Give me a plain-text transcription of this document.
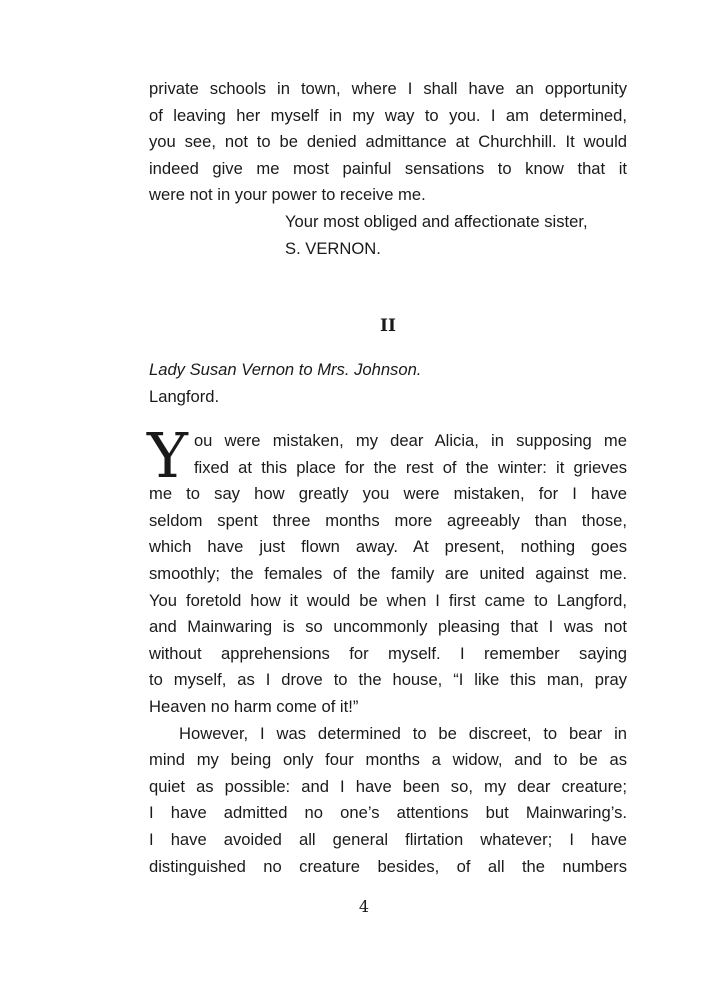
private schools in town, where I shall have an opportunity
of leaving her myself in my way to you. I am determined,
you see, not to be denied admittance at Churchhill. It would
indeed give me most painful sensations to know that it
were not in your power to receive me.
Your most obliged and affectionate sister,
S. VERNON.
II
Lady Susan Vernon to Mrs. Johnson.
Langford.
Y ou were mistaken, my dear Alicia, in supposing me
fixed at this place for the rest of the winter: it grieves
me to say how greatly you were mistaken, for I have
seldom spent three months more agreeably than those,
which have just flown away. At present, nothing goes
smoothly; the females of the family are united against me.
You foretold how it would be when I first came to Langford,
and Mainwaring is so uncommonly pleasing that I was not
without apprehensions for myself. I remember saying
to myself, as I drove to the house, “I like this man, pray
Heaven no harm come of it!”
However, I was determined to be discreet, to bear in
mind my being only four months a widow, and to be as
quiet as possible: and I have been so, my dear creature;
I have admitted no one’s attentions but Mainwaring’s.
I have avoided all general flirtation whatever; I have
distinguished no creature besides, of all the numbers
4
